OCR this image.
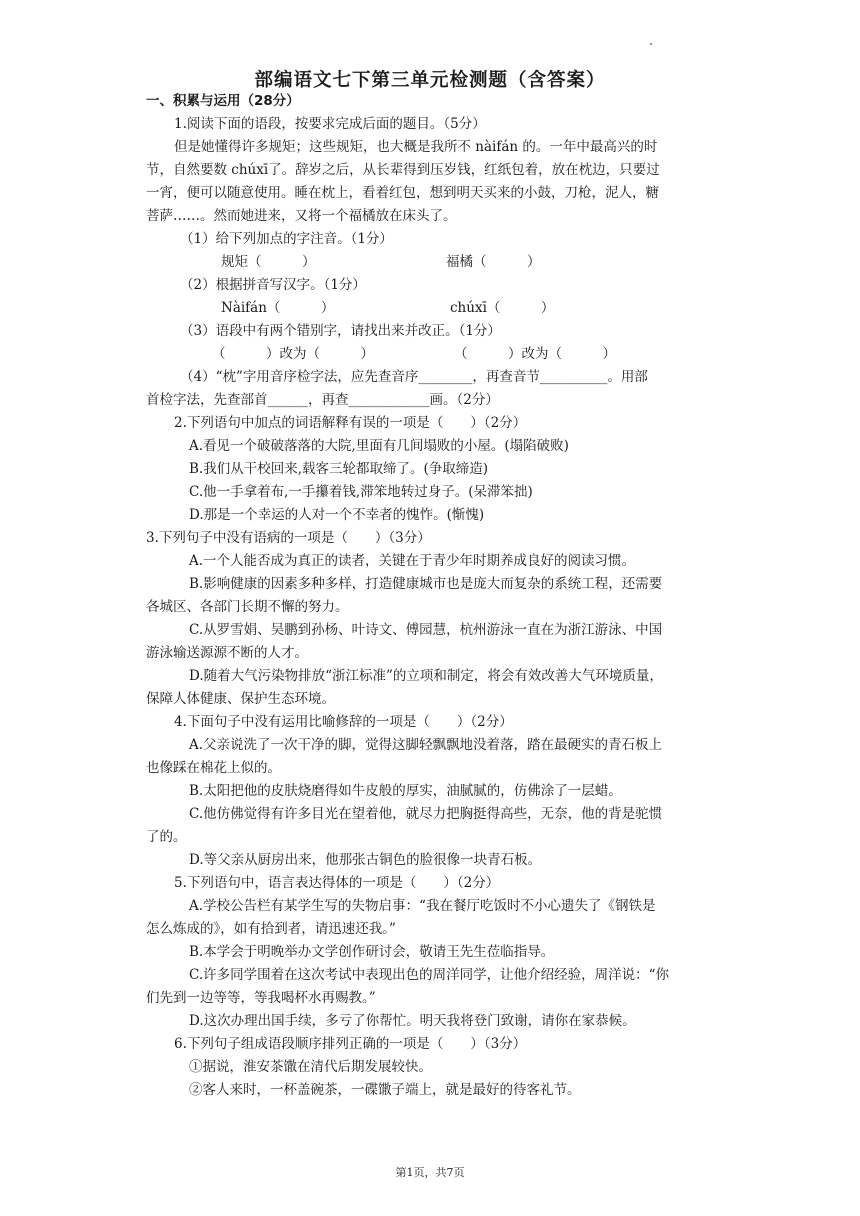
部编语文七下第三单元检测题（含答案）
一、积累与运用（28分）
1.阅读下面的语段，按要求完成后面的题目。（5分）
但是她懂得许多规矩；这些规矩，也大概是我所不 nàifán 的。一年中最高兴的时
节，自然要数 chúxī了。辞岁之后，从长辈得到压岁钱，红纸包着，放在枕边，只要过
一宵，便可以随意使用。睡在枕上，看着红包，想到明天买来的小鼓，刀枪，泥人，糖
菩萨……。然而她进来，又将一个福橘放在床头了。
（1）给下列加点的字注音。（1分）
规矩（　　　）	福橘（　　　）
（2）根据拼音写汉字。（1分）
Nàifán（　　　）	chúxī（　　　）
（3）语段中有两个错别字，请找出来并改正。（1分）
（　　　）改为（　　　）	（　　　）改为（　　　）
（4）“枕”字用音序检字法，应先查音序________，再查音节__________。用部
首检字法，先查部首______，再查____________画。（2分）
2.下列语句中加点的词语解释有误的一项是（　　）（2分）
A.看见一个破破落落的大院,里面有几间塌败的小屋。(塌陷破败)
B.我们从干校回来,载客三轮都取缔了。(争取缔造)
C.他一手拿着布,一手攥着钱,滞笨地转过身子。(呆滞笨拙)
D.那是一个幸运的人对一个不幸者的愧怍。(惭愧)
3.下列句子中没有语病的一项是（　　）（3分）
A.一个人能否成为真正的读者，关键在于青少年时期养成良好的阅读习惯。
B.影响健康的因素多种多样，打造健康城市也是庞大而复杂的系统工程，还需要
各城区、各部门长期不懈的努力。
C.从罗雪娟、吴鹏到孙杨、叶诗文、傅园慧，杭州游泳一直在为浙江游泳、中国
游泳输送源源不断的人才。
D.随着大气污染物排放“浙江标准”的立项和制定，将会有效改善大气环境质量，
保障人体健康、保护生态环境。
4.下面句子中没有运用比喻修辞的一项是（　　）（2分）
A.父亲说洗了一次干净的脚，觉得这脚轻飘飘地没着落，踏在最硬实的青石板上
也像踩在棉花上似的。
B.太阳把他的皮肤烧磨得如牛皮般的厚实，油腻腻的，仿佛涂了一层蜡。
C.他仿佛觉得有许多目光在望着他，就尽力把胸挺得高些，无奈，他的背是驼惯
了的。
D.等父亲从厨房出来，他那张古铜色的脸很像一块青石板。
5.下列语句中，语言表达得体的一项是（　　）（2分）
A.学校公告栏有某学生写的失物启事：“我在餐厅吃饭时不小心遗失了《钢铁是
怎么炼成的》，如有拾到者，请迅速还我。”
B.本学会于明晚举办文学创作研讨会，敬请王先生莅临指导。
C.许多同学围着在这次考试中表现出色的周洋同学，让他介绍经验，周洋说：“你
们先到一边等等，等我喝杯水再赐教。”
D.这次办理出国手续，多亏了你帮忙。明天我将登门致谢，请你在家恭候。
6.下列句子组成语段顺序排列正确的一项是（　　）（3分）
①据说，淮安茶馓在清代后期发展较快。
②客人来时，一杯盖碗茶，一碟馓子端上，就是最好的待客礼节。
第1页，共7页
